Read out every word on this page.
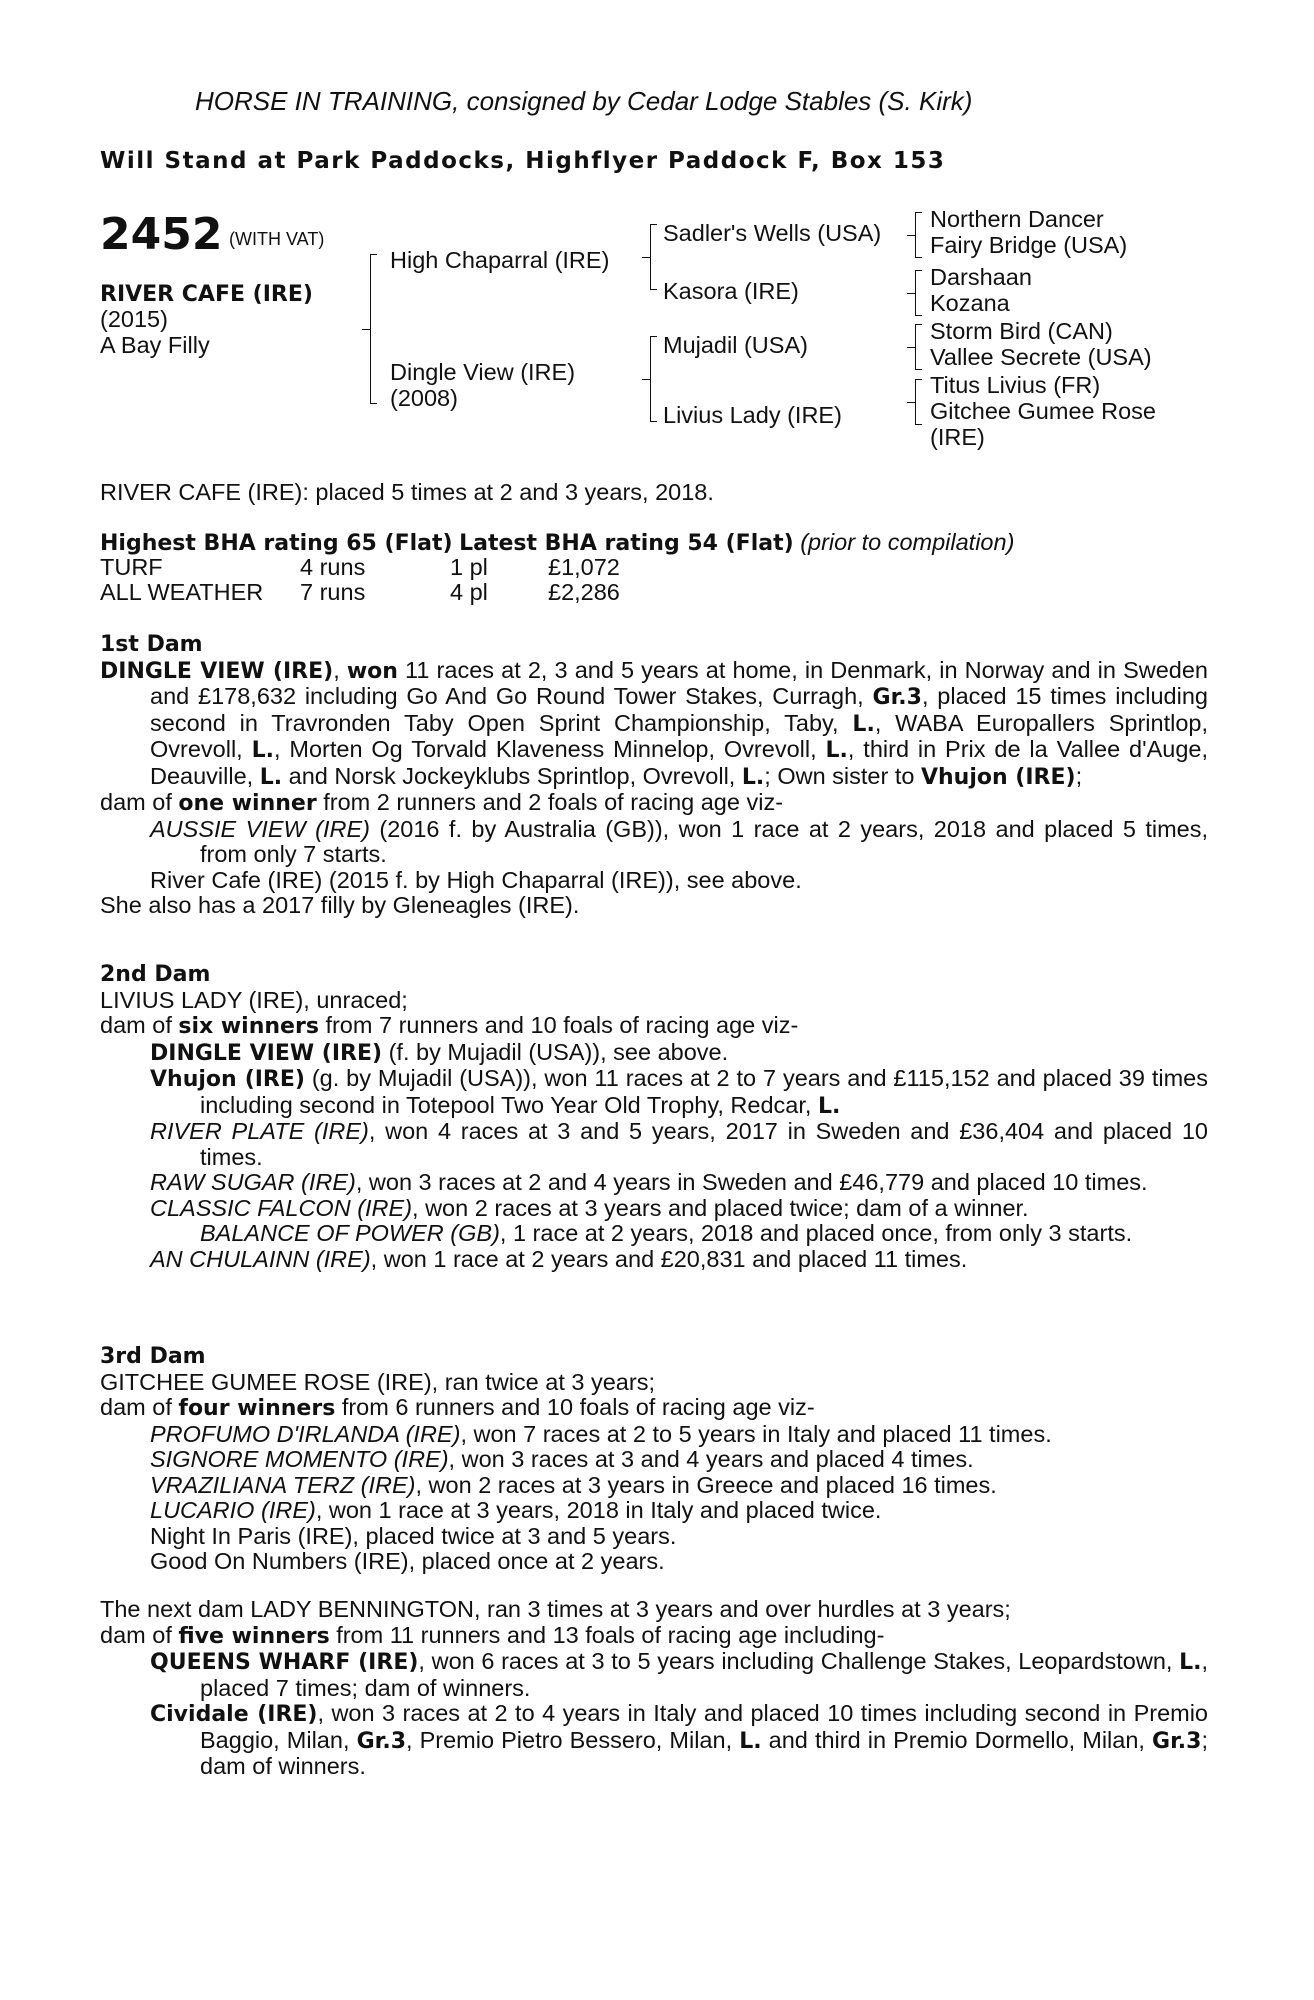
HORSE IN TRAINING, consigned by Cedar Lodge Stables (S. Kirk)
Will Stand at Park Paddocks, Highflyer Paddock F, Box 153
2452 (WITH VAT)
RIVER CAFE (IRE)
(2015)
A Bay Filly
High Chaparral (IRE)
Dingle View (IRE)
(2008)
Sadler's Wells (USA)
Kasora (IRE)
Mujadil (USA)
Livius Lady (IRE)
Northern Dancer
Fairy Bridge (USA)
Darshaan
Kozana
Storm Bird (CAN)
Vallee Secrete (USA)
Titus Livius (FR)
Gitchee Gumee Rose
(IRE)
RIVER CAFE (IRE): placed 5 times at 2 and 3 years, 2018.
Highest BHA rating 65 (Flat) Latest BHA rating 54 (Flat) (prior to compilation)
TURF	4 runs	1 pl	£1,072
ALL WEATHER	7 runs	4 pl	£2,286

1st Dam

DINGLE VIEW (IRE), won 11 races at 2, 3 and 5 years at home, in Denmark, in Norway and in Sweden and £178,632 including Go And Go Round Tower Stakes, Curragh, Gr.3, placed 15 times including second in Travronden Taby Open Sprint Championship, Taby, L., WABA Europallers Sprintlop, Ovrevoll, L., Morten Og Torvald Klaveness Minnelop, Ovrevoll, L., third in Prix de la Vallee d'Auge, Deauville, L. and Norsk Jockeyklubs Sprintlop, Ovrevoll, L.; Own sister to Vhujon (IRE);

dam of one winner from 2 runners and 2 foals of racing age viz-

AUSSIE VIEW (IRE) (2016 f. by Australia (GB)), won 1 race at 2 years, 2018 and placed 5 times, from only 7 starts.

River Cafe (IRE) (2015 f. by High Chaparral (IRE)), see above.

She also has a 2017 filly by Gleneagles (IRE).

2nd Dam

LIVIUS LADY (IRE), unraced;

dam of six winners from 7 runners and 10 foals of racing age viz-

DINGLE VIEW (IRE) (f. by Mujadil (USA)), see above.

Vhujon (IRE) (g. by Mujadil (USA)), won 11 races at 2 to 7 years and £115,152 and placed 39 times including second in Totepool Two Year Old Trophy, Redcar, L.

RIVER PLATE (IRE), won 4 races at 3 and 5 years, 2017 in Sweden and £36,404 and placed 10 times.

RAW SUGAR (IRE), won 3 races at 2 and 4 years in Sweden and £46,779 and placed 10 times.

CLASSIC FALCON (IRE), won 2 races at 3 years and placed twice; dam of a winner.

BALANCE OF POWER (GB), 1 race at 2 years, 2018 and placed once, from only 3 starts.

AN CHULAINN (IRE), won 1 race at 2 years and £20,831 and placed 11 times.

3rd Dam

GITCHEE GUMEE ROSE (IRE), ran twice at 3 years;

dam of four winners from 6 runners and 10 foals of racing age viz-

PROFUMO D'IRLANDA (IRE), won 7 races at 2 to 5 years in Italy and placed 11 times.

SIGNORE MOMENTO (IRE), won 3 races at 3 and 4 years and placed 4 times.

VRAZILIANA TERZ (IRE), won 2 races at 3 years in Greece and placed 16 times.

LUCARIO (IRE), won 1 race at 3 years, 2018 in Italy and placed twice.

Night In Paris (IRE), placed twice at 3 and 5 years.

Good On Numbers (IRE), placed once at 2 years.

The next dam LADY BENNINGTON, ran 3 times at 3 years and over hurdles at 3 years;

dam of five winners from 11 runners and 13 foals of racing age including-

QUEENS WHARF (IRE), won 6 races at 3 to 5 years including Challenge Stakes, Leopardstown, L., placed 7 times; dam of winners.

Cividale (IRE), won 3 races at 2 to 4 years in Italy and placed 10 times including second in Premio Baggio, Milan, Gr.3, Premio Pietro Bessero, Milan, L. and third in Premio Dormello, Milan, Gr.3; dam of winners.
